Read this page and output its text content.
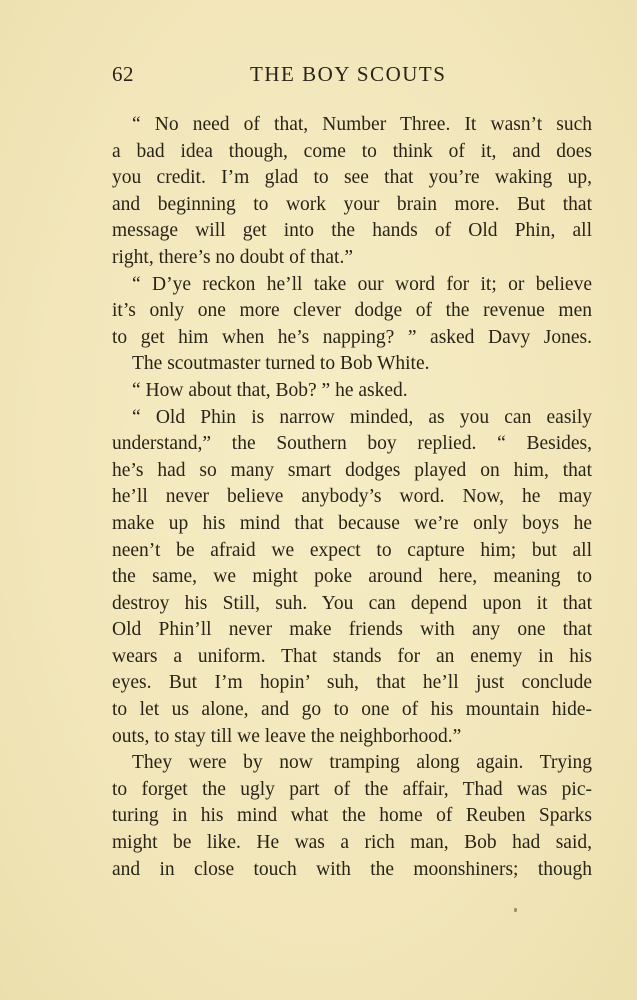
62	THE BOY SCOUTS
“ No need of that, Number Three. It wasn’t such
a bad idea though, come to think of it, and does
you credit. I’m glad to see that you’re waking up,
and beginning to work your brain more. But that
message will get into the hands of Old Phin, all
right, there’s no doubt of that.”
“ D’ye reckon he’ll take our word for it; or believe
it’s only one more clever dodge of the revenue men
to get him when he’s napping? ” asked Davy Jones.
The scoutmaster turned to Bob White.
“ How about that, Bob? ” he asked.
“ Old Phin is narrow minded, as you can easily
understand,” the Southern boy replied. “ Besides,
he’s had so many smart dodges played on him, that
he’ll never believe anybody’s word. Now, he may
make up his mind that because we’re only boys he
neen’t be afraid we expect to capture him; but all
the same, we might poke around here, meaning to
destroy his Still, suh. You can depend upon it that
Old Phin’ll never make friends with any one that
wears a uniform. That stands for an enemy in his
eyes. But I’m hopin’ suh, that he’ll just conclude
to let us alone, and go to one of his mountain hide-
outs, to stay till we leave the neighborhood.”
They were by now tramping along again. Trying
to forget the ugly part of the affair, Thad was pic-
turing in his mind what the home of Reuben Sparks
might be like. He was a rich man, Bob had said,
and in close touch with the moonshiners; though
